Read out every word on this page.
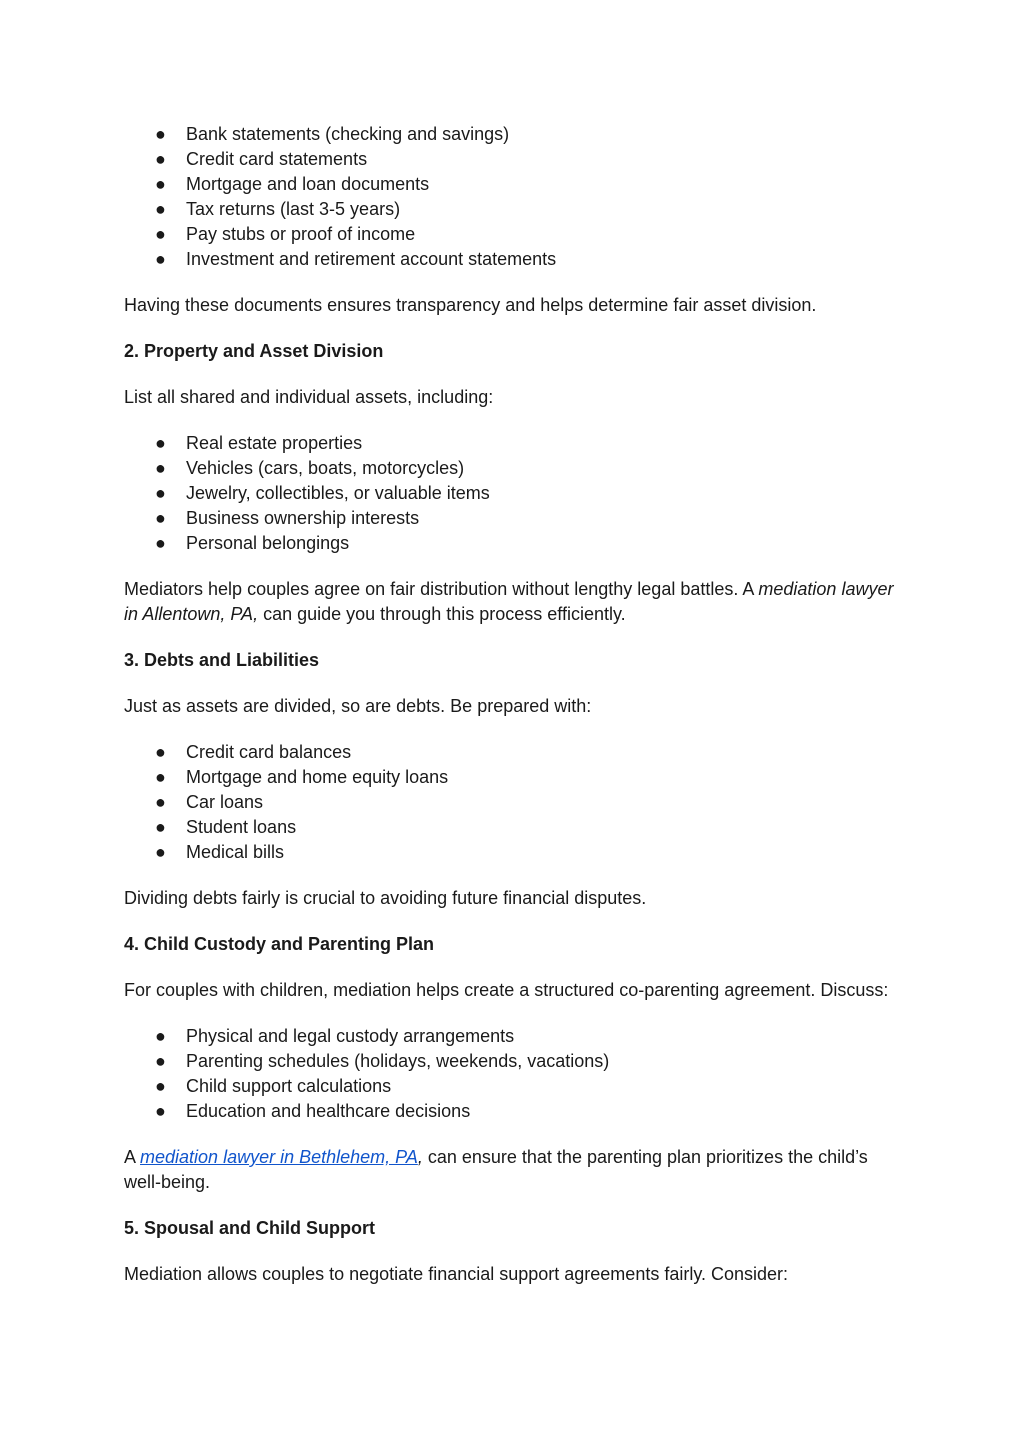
● Bank statements (checking and savings)
● Credit card statements
● Mortgage and loan documents
● Tax returns (last 3-5 years)
● Pay stubs or proof of income
● Investment and retirement account statements

Having these documents ensures transparency and helps determine fair asset division.

2. Property and Asset Division

List all shared and individual assets, including:

● Real estate properties
● Vehicles (cars, boats, motorcycles)
● Jewelry, collectibles, or valuable items
● Business ownership interests
● Personal belongings

Mediators help couples agree on fair distribution without lengthy legal battles. A mediation lawyer in Allentown, PA, can guide you through this process efficiently.

3. Debts and Liabilities

Just as assets are divided, so are debts. Be prepared with:

● Credit card balances
● Mortgage and home equity loans
● Car loans
● Student loans
● Medical bills

Dividing debts fairly is crucial to avoiding future financial disputes.

4. Child Custody and Parenting Plan

For couples with children, mediation helps create a structured co-parenting agreement. Discuss:

● Physical and legal custody arrangements
● Parenting schedules (holidays, weekends, vacations)
● Child support calculations
● Education and healthcare decisions

A mediation lawyer in Bethlehem, PA, can ensure that the parenting plan prioritizes the child’s well-being.

5. Spousal and Child Support

Mediation allows couples to negotiate financial support agreements fairly. Consider:
